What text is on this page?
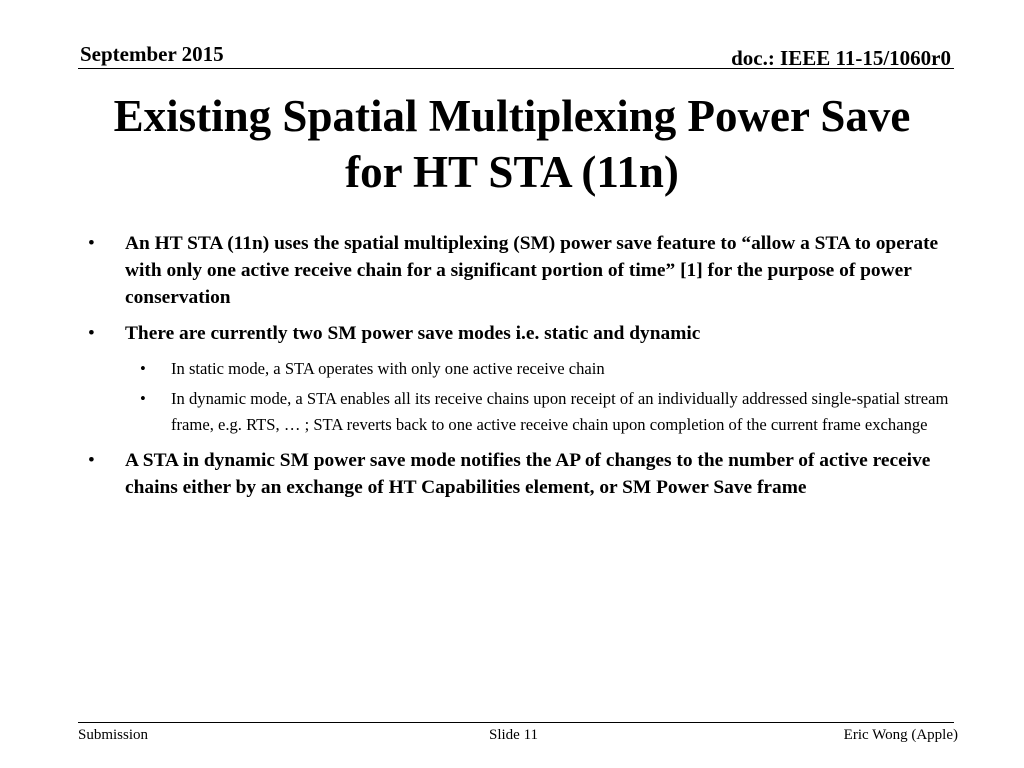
September 2015	doc.: IEEE 11-15/1060r0
Existing Spatial Multiplexing Power Save
for HT STA (11n)
• An HT STA (11n) uses the spatial multiplexing (SM) power save feature to “allow a STA to operate with only one active receive chain for a significant portion of time” [1] for the purpose of power conservation
• There are currently two SM power save modes i.e. static and dynamic
• In static mode, a STA operates with only one active receive chain
• In dynamic mode, a STA enables all its receive chains upon receipt of an individually addressed single-spatial stream frame, e.g. RTS, … ; STA reverts back to one active receive chain upon completion of the current frame exchange
• A STA in dynamic SM power save mode notifies the AP of changes to the number of active receive chains either by an exchange of HT Capabilities element, or SM Power Save frame
Submission	Slide 11	Eric Wong (Apple)
